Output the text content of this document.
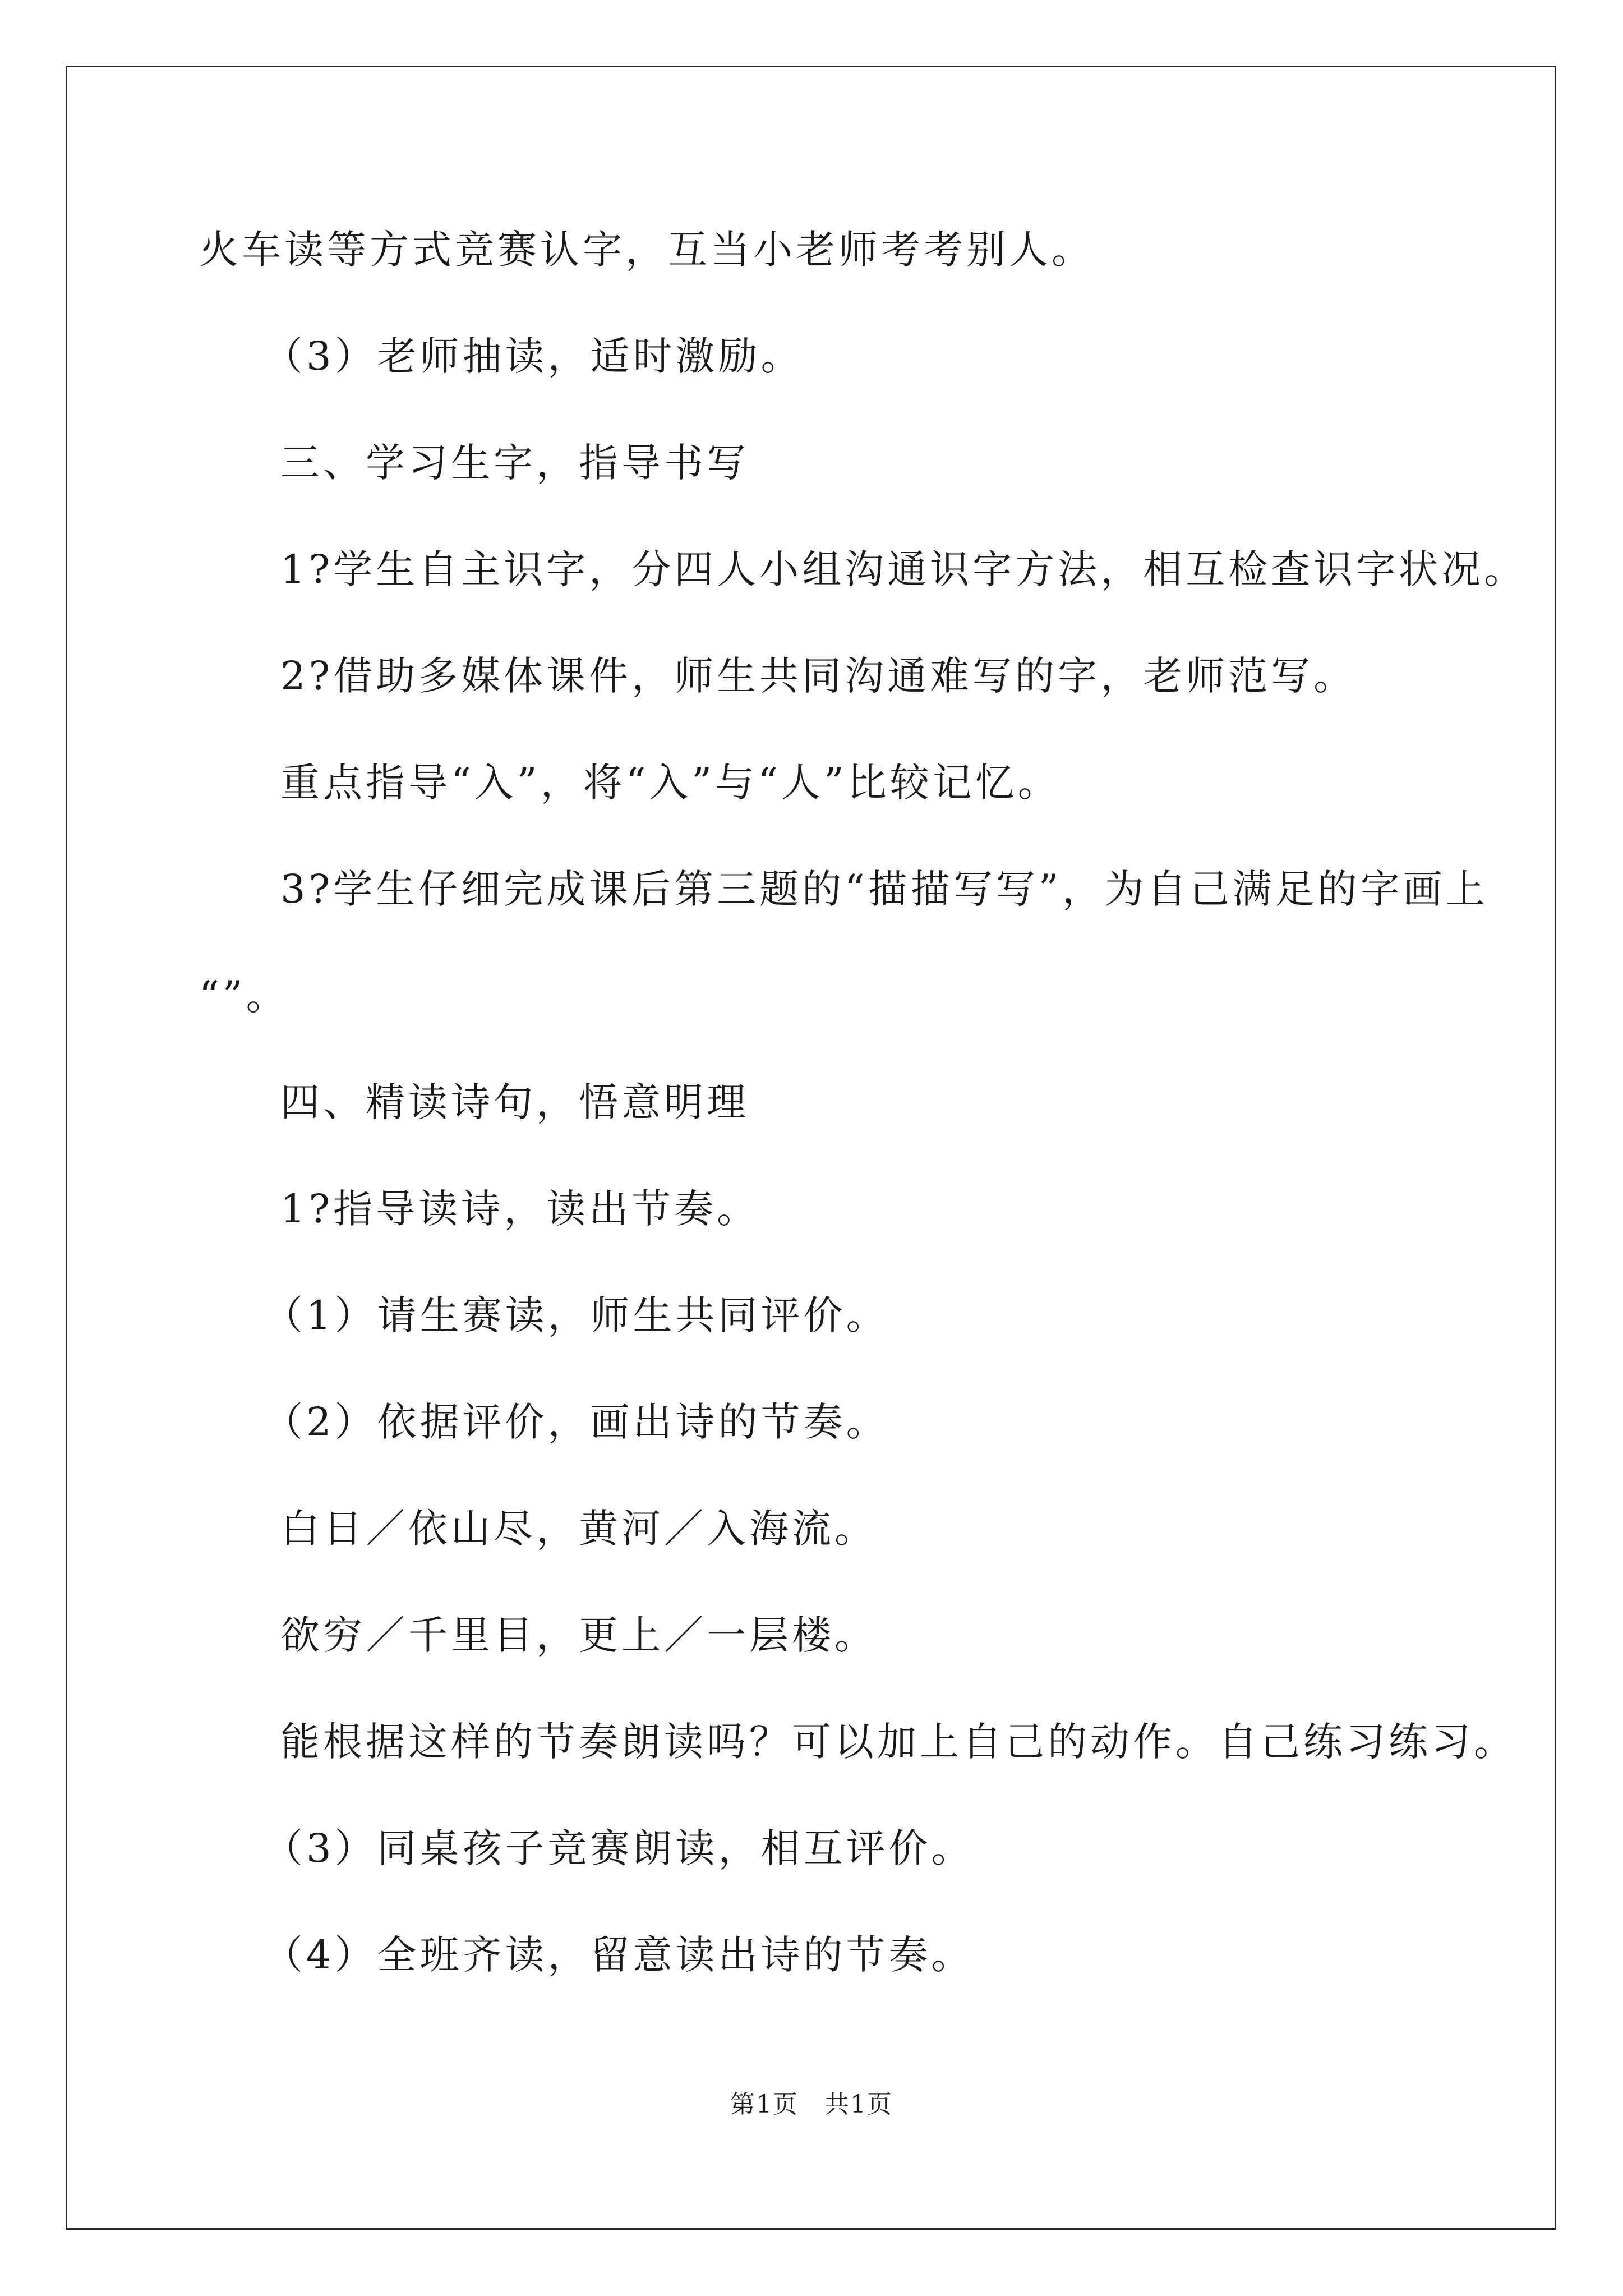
火车读等方式竞赛认字，互当小老师考考别人。
（3）老师抽读，适时激励。
三、学习生字，指导书写
1?学生自主识字，分四人小组沟通识字方法，相互检查识字状况。
2?借助多媒体课件，师生共同沟通难写的字，老师范写。
重点指导“入”，将“入”与“人”比较记忆。
3?学生仔细完成课后第三题的“描描写写”，为自己满足的字画上
“”。
四、精读诗句，悟意明理
1?指导读诗，读出节奏。
（1）请生赛读，师生共同评价。
（2）依据评价，画出诗的节奏。
白日／依山尽，黄河／入海流。
欲穷／千里目，更上／一层楼。
能根据这样的节奏朗读吗？可以加上自己的动作。自己练习练习。
（3）同桌孩子竞赛朗读，相互评价。
（4）全班齐读，留意读出诗的节奏。
第1页　共1页
